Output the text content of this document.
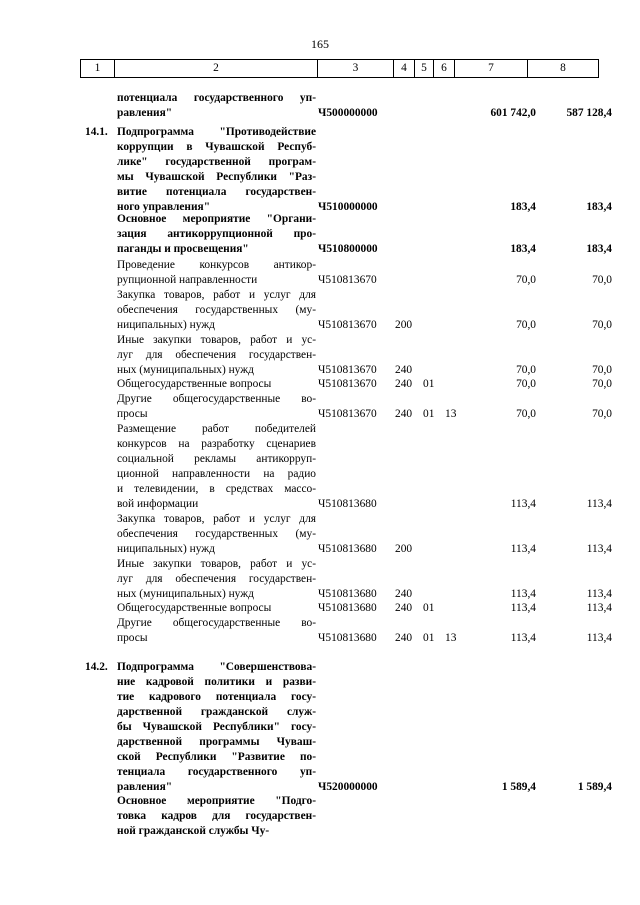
165
1	2	3	4	5	6	7	8
потенциала государственного уп-
равления"	Ч500000000	601 742,0	587 128,4
14.1. Подпрограмма "Противодействие
коррупции в Чувашской Респуб-
лике" государственной програм-
мы Чувашской Республики "Раз-
витие потенциала государствен-
ного управления"	Ч510000000	183,4	183,4
Основное мероприятие "Органи-
зация антикоррупционной про-
паганды и просвещения"	Ч510800000	183,4	183,4
Проведение конкурсов антикор-
рупционной направленности	Ч510813670	70,0	70,0
Закупка товаров, работ и услуг для
обеспечения государственных (му-
ниципальных) нужд	Ч510813670 200	70,0	70,0
Иные закупки товаров, работ и ус-
луг для обеспечения государствен-
ных (муниципальных) нужд	Ч510813670 240	70,0	70,0
Общегосударственные вопросы	Ч510813670 240 01	70,0	70,0
Другие общегосударственные во-
просы	Ч510813670 240 01 13	70,0	70,0
Размещение работ победителей
конкурсов на разработку сценариев
социальной рекламы антикорруп-
ционной направленности на радио
и телевидении, в средствах массо-
вой информации	Ч510813680	113,4	113,4
Закупка товаров, работ и услуг для
обеспечения государственных (му-
ниципальных) нужд	Ч510813680 200	113,4	113,4
Иные закупки товаров, работ и ус-
луг для обеспечения государствен-
ных (муниципальных) нужд	Ч510813680 240	113,4	113,4
Общегосударственные вопросы	Ч510813680 240 01	113,4	113,4
Другие общегосударственные во-
просы	Ч510813680 240 01 13	113,4	113,4
14.2. Подпрограмма "Совершенствова-
ние кадровой политики и разви-
тие кадрового потенциала госу-
дарственной гражданской служ-
бы Чувашской Республики" госу-
дарственной программы Чуваш-
ской Республики "Развитие по-
тенциала государственного уп-
равления"	Ч520000000	1 589,4	1 589,4
Основное мероприятие "Подго-
товка кадров для государствен-
ной гражданской службы Чу-
